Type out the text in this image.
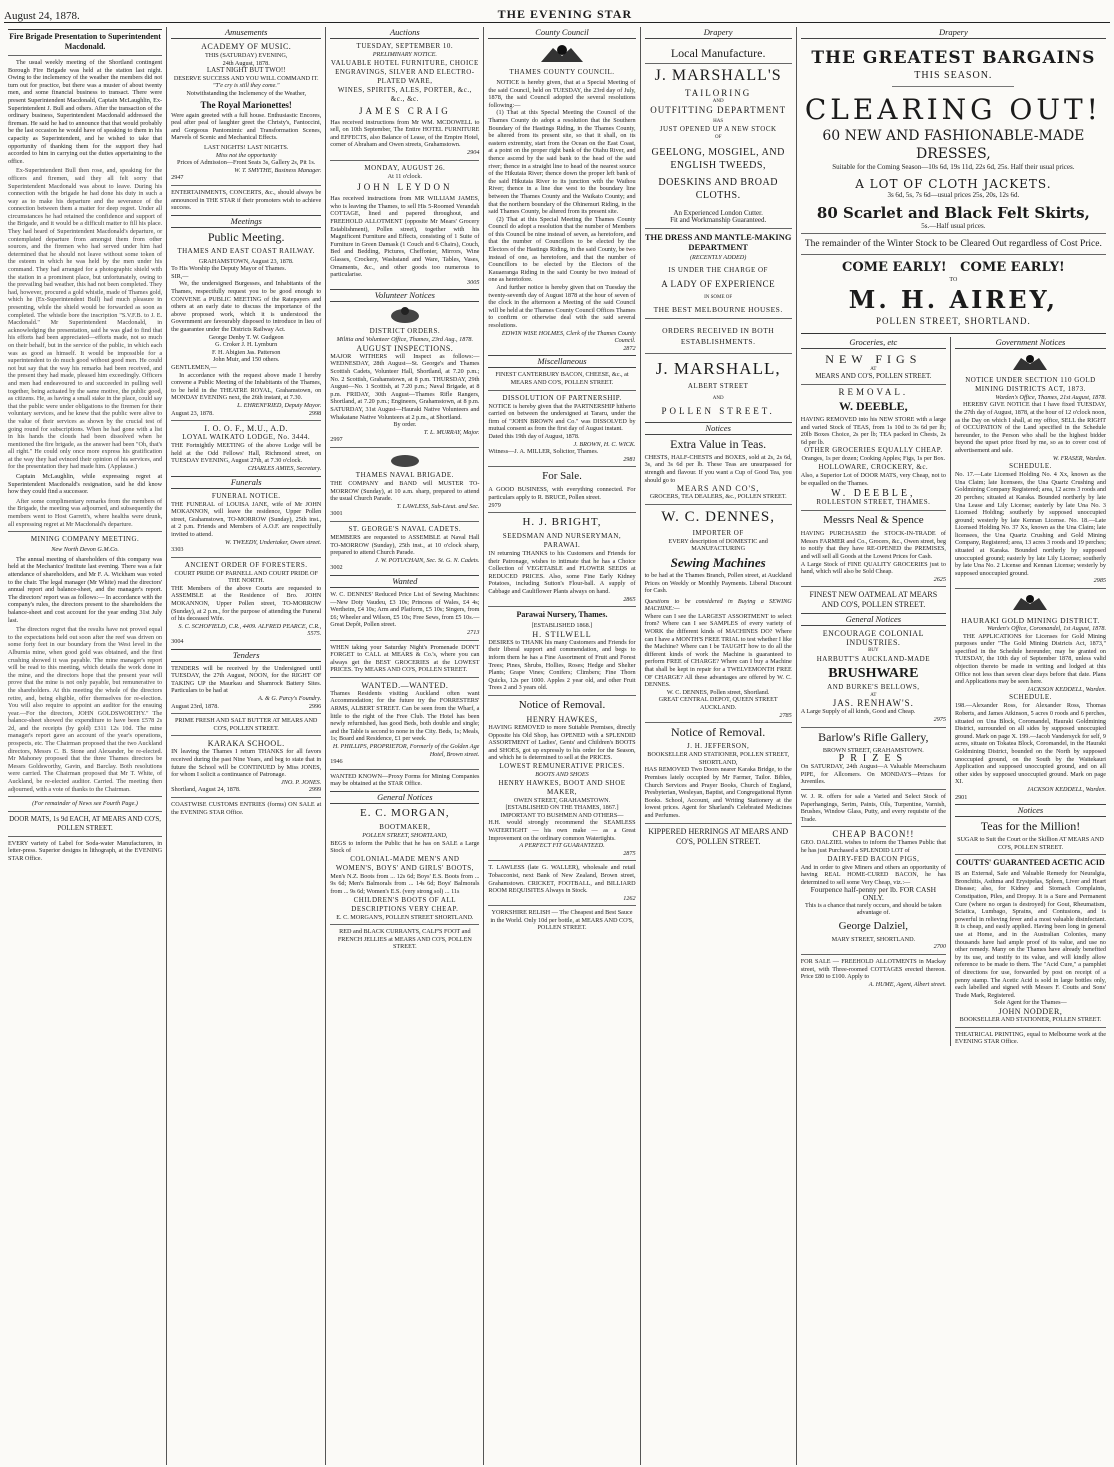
August 24, 1878.	THE EVENING STAR
Fire Brigade Presentation to Superintendent Macdonald.

The usual weekly meeting of the Shortland contingent Borough Fire Brigade was held at the station last night. Owing to the inclemency of the weather the members did not turn out for practice, but there was a muster of about twenty men, and some financial business to transact. There were present Superintendent Macdonald, Captain McLaughlin, Ex-Superintendent J. Bull and others. After the transaction of the ordinary business, Superintendent Macdonald addressed the fireman. He said he had to announce that that would probably be the last occasion he would have of speaking to them in his capacity as Superintendent, and he wished to take that opportunity of thanking them for the support they had accorded to him in carrying out the duties appertaining to the office.

Ex-Superintendent Bull then rose, and, speaking for the officers and firemen, said they all felt sorry that Superintendent Macdonald was about to leave. During his connection with the brigade he had done his duty in such a way as to make his departure and the severance of the connection between them a matter for deep regret. Under all circumstances he had retained the confidence and support of the Brigade, and it would be a difficult matter to fill his place. They had heard of Superintendent Macdonald's departure, or contemplated departure from amongst them from other sources, and the firemen who had served under him had determined that he should not leave without some token of the esteem in which he was held by the men under his command. They had arranged for a photographic shield with the station in a prominent place, but unfortunately, owing to the prevailing bad weather, this had not been completed. They had, however, procured a gold whistle, made of Thames gold, which he (Ex-Superintendent Bull) had much pleasure in presenting, while the shield would be forwarded as soon as completed. The whistle bore the inscription "S.V.F.B. to J. E. Macdonald." Mr Superintendent Macdonald, in acknowledging the presentation, said he was glad to find that his efforts had been appreciated—efforts made, not so much on their behalf, but in the service of the public, in which each was as good as himself. It would be impossible for a superintendent to do much good without good men. He could not but say that the way his remarks had been received, and the present they had made, pleased him exceedingly. Officers and men had endeavoured to and succeeded in pulling well together, being actuated by the same motive, the public good, as citizens. He, as having a small stake in the place, could say that the public were under obligations to the firemen for their voluntary services, and he knew that the public were alive to the value of their services as shown by the crucial test of going round for subscriptions. When he had gone with a list in his hands the clouds had been dissolved when he mentioned the fire brigade, as the answer had been "Oh, that's all right." He could only once more express his gratification at the way they had evinced their opinion of his services, and for the presentation they had made him. (Applause.)

Captain McLaughlin, while expressing regret at Superintendent Macdonald's resignation, said he did know how they could find a successor.

After some complimentary remarks from the members of the Brigade, the meeting was adjourned, and subsequently the members went to Host Garrett's, where healths were drunk, all expressing regret at Mr Macdonald's departure.

MINING COMPANY MEETING.
New North Devon G.M.Co.

The annual meeting of shareholders of this company was held at the Mechanics' Institute last evening. There was a fair attendance of shareholders, and Mr F. A. Wickham was voted to the chair. The legal manager (Mr White) read the directors' annual report and balance-sheet, and the manager's report. The directors' report was as follows:— In accordance with the company's rules, the directors present to the shareholders the balance-sheet and cost account for the year ending 31st July last.

The directors regret that the results have not proved equal to the expectations held out soon after the reef was driven on some forty feet in our boundary from the West level in the Alburnia mine, when good gold was obtained, and the first crushing showed it was payable. The mine manager's report will be read to this meeting, which details the work done in the mine, and the directors hope that the present year will prove that the mine is not only payable, but remunerative to the shareholders. At this meeting the whole of the directors retire, and, being eligible, offer themselves for re-election. You will also require to appoint an auditor for the ensuing year.—For the directors, JOHN GOLDSWORTHY." The balance-sheet showed the expenditure to have been £578 2s 2d, and the receipts (by gold) £311 12s 10d. The mine manager's report gave an account of the year's operations, prospects, etc. The Chairman proposed that the two Auckland directors, Messrs C. B. Stone and Alexander, be re-elected. Mr Mahoney proposed that the three Thames directors be Messrs Goldsworthy, Gavin, and Barclay. Both resolutions were carried. The Chairman proposed that Mr T. White, of Auckland, be re-elected auditor. Carried. The meeting then adjourned, with a vote of thanks to the Chairman.

(For remainder of News see Fourth Page.)
DOOR MATS, 1s 9d EACH, AT MEARS AND CO'S, POLLEN STREET.
EVERY variety of Label for Soda-water Manufacturers, in letter-press. Superior designs in lithograph, at the EVENING STAR Office.
Amusements
ACADEMY OF MUSIC.
THIS (SATURDAY) EVENING,
24th August, 1878.
LAST NIGHT BUT TWO!!
DESERVE SUCCESS AND YOU WILL COMMAND IT.
"T'e cry is still they come."
Notwithstanding the Inclemency of the Weather,
The Royal Marionettes!
Were again greeted with a full house. Enthusiastic Encores, peal after peal of laughter greet the Christy's, Fantoccini, and Gorgeous Pantomimic and Transformation Scenes, Marvels of Scenic and Mechanical Effects.
LAST NIGHTS! LAST NIGHTS.
Miss not the opportunity
Prices of Admission—Front Seats 3s, Gallery 2s, Pit 1s.
W. T. SMYTHE, Business Manager.
2947
ENTERTAINMENTS, CONCERTS, &c., should always be announced in THE STAR if their promoters wish to achieve success.
Meetings
Public Meeting.
THAMES AND EAST COAST RAILWAY.
GRAHAMSTOWN, August 23, 1878.
To His Worship the Deputy Mayor of Thames.
SIR,—
We, the undersigned Burgesses, and Inhabitants of the Thames, respectfully request you to be good enough to CONVENE a PUBLIC MEETING of the Ratepayers and others at an early date to discuss the importance of the above proposed work, which it is understood the Government are favourably disposed to introduce in lieu of the guarantee under the Districts Railway Act.
George Denby T. W. Gudgeon
G. Croker J. H. Lymburn
F. H. Abigien Jas. Patterson
John Muir, and 150 others.
GENTLEMEN,—
In accordance with the request above made I hereby convene a Public Meeting of the Inhabitants of the Thames, to be held in the THEATRE ROYAL, Grahamstown, on MONDAY EVENING next, the 26th instant, at 7.30.
L. EHRENFRIED, Deputy Mayor.
August 23, 1878.	2998
I. O. O. F., M.U., A.D.
LOYAL WAIKATO LODGE, No. 3444.
THE Fortnightly MEETING of the above Lodge will be held at the Odd Fellows' Hall, Richmond street, on TUESDAY EVENING, August 27th, at 7.30 o'clock.
CHARLES AMIES, Secretary.
Funerals
FUNERAL NOTICE.
THE FUNERAL of LOUISA JANE, wife of Mr JOHN MOKANNON, will leave the residence, Upper Pollen street, Grahamstown, TO-MORROW (Sunday), 25th inst., at 2 p.m. Friends and Members of A.O.F. are respectfully invited to attend.
W. TWEEDY, Undertaker, Owen street.
3303
ANCIENT ORDER OF FORESTERS.
COURT PRIDE OF PARNELL AND COURT PRIDE OF THE NORTH.
THE Members of the above Courts are requested to ASSEMBLE at the Residence of Bro. JOHN MOKANNON, Upper Pollen street, TO-MORROW (Sunday), at 2 p.m., for the purpose of attending the Funeral of his deceased Wife.
S. C. SCHOFIELD, C.R., 4409. ALFRED PEARCE, C.R., 5575.
3004
Tenders
TENDERS will be received by the Undersigned until TUESDAY, the 27th August, NOON, for the RIGHT OF TAKING UP the Maurkau and Shamrock Battery Sites. Particulars to be had at
A. & G. Parcy's Foundry.
August 23rd, 1878.	2996
PRIME FRESH AND SALT BUTTER AT MEARS AND CO'S, POLLEN STREET.
KARAKA SCHOOL.
IN leaving the Thames I return THANKS for all favors received during the past Nine Years, and beg to state that in future the School will be CONTINUED by Miss JONES, for whom I solicit a continuance of Patronage.
JNO. P. JONES.
Shortland, August 24, 1878.	2999
COASTWISE CUSTOMS ENTRIES (forms) ON SALE at the EVENING STAR Office.
Auctions
TUESDAY, SEPTEMBER 10.
PRELIMINARY NOTICE.
VALUABLE HOTEL FURNITURE, CHOICE ENGRAVINGS, SILVER AND ELECTRO-PLATED WARE,
WINES, SPIRITS, ALES, PORTER, &c., &c., &c.
JAMES CRAIG
Has received instructions from Mr WM. MCDOWELL to sell, on 10th September, The Entire HOTEL FURNITURE and EFFECTS, also Balance of Lease, of the Empire Hotel, corner of Abraham and Owen streets, Grahamstown.
2904
MONDAY, AUGUST 26.
At 11 o'clock.
JOHN LEYDON
Has received instructions from MR WILLIAM JAMES, who is leaving the Thames, to sell His 5-Roomed Verandah COTTAGE, lined and papered throughout, and FREEHOLD ALLOTMENT (opposite Mr Mears' Grocery Establishment), Pollen street), together with his Magnificent Furniture and Effects, consisting of 1 Suite of Furniture in Green Damask (1 Couch and 6 Chairs), Couch, Bed and Bedding, Pictures, Cheffonier, Mirrors, Wine Glasses, Crockery, Washstand and Ware, Tables, Vases, Ornaments, &c., and other goods too numerous to particularise.
3005
Volunteer Notices
DISTRICT ORDERS.
Militia and Volunteer Office, Thames, 23rd Aug., 1878.
AUGUST INSPECTIONS.
MAJOR WITHERS will Inspect as follows:— WEDNESDAY, 28th August—St. George's and Thames Scottish Cadets, Volunteer Hall, Shortland, at 7.20 p.m.; No. 2 Scottish, Grahamstown, at 8 p.m. THURSDAY, 29th August—No. 1 Scottish, at 7.20 p.m.; Naval Brigade, at 8 p.m. FRIDAY, 30th August—Thames Rifle Rangers, Shortland, at 7.20 p.m.; Engineers, Grahamstown, at 8 p.m. SATURDAY, 31st August—Hauraki Native Volunteers and Whakatane Native Volunteers at 2 p.m., at Shortland.
By order.
T. L. MURRAY, Major.
2997
THAMES NAVAL BRIGADE.
THE COMPANY and BAND will MUSTER TO-MORROW (Sunday), at 10 a.m. sharp, prepared to attend the usual Church Parade.
T. LAWLESS, Sub-Lieut. and Sec.
3001
ST. GEORGE'S NAVAL CADETS.
MEMBERS are requested to ASSEMBLE at Naval Hall TO-MORROW (Sunday), 25th inst., at 10 o'clock sharp, prepared to attend Church Parade.
J. W. POTUCHAIN, Sec. St. G. N. Cadets.
3002
Wanted
W. C. DENNES' Reduced Price List of Sewing Machines:—New Doty Vaudeu, £3 10s; Princess of Wales, £4 4s; Wertheim, £4 10s; Arm and Platform, £5 10s; Singers, from £6; Wheeler and Wilson, £5 10s; Free Sews, from £5 10s.—Great Depôt, Pollen street.
2713
WHEN taking your Saturday Night's Promenade DON'T FORGET to CALL at MEARS & Co.'s, where you can always get the BEST GROCERIES at the LOWEST PRICES. Try MEARS AND CO'S, POLLEN STREET.
WANTED.—WANTED.
Thames Residents visiting Auckland often want Accommodation; for the future try the FORRESTERS' ARMS, ALBERT STREET. Can be seen from the Wharf, a little to the right of the Free Club. The Hotel has been newly refurnished, has good Beds, both double and single; and the Table is second to none in the City. Beds, 1s; Meals, 1s; Board and Residence, £1 per week.
H. PHILLIPS, PROPRIETOR, Formerly of the Golden Age Hotel, Brown street.
1946
WANTED KNOWN—Proxy Forms for Mining Companies may be obtained at the STAR Office.
General Notices
E. C. MORGAN,
BOOTMAKER,
POLLEN STREET, SHORTLAND,
BEGS to inform the Public that he has on SALE a Large Stock of
COLONIAL-MADE MEN'S AND WOMEN'S, BOYS' AND GIRLS' BOOTS,
Men's N.Z. Boots from ... 12s 6d; Boys' E.S. Boots from ... 9s 6d; Men's Balmorals from ... 14s 6d; Boys' Balmorals from ... 9s 6d; Women's E.S. (very strong sol) ... 11s
CHILDREN'S BOOTS OF ALL DESCRIPTIONS VERY CHEAP.
E. C. MORGAN'S, POLLEN STREET SHORTLAND.
RED and BLACK CURRANTS, CALF'S FOOT and FRENCH JELLIES at MEARS AND CO'S, POLLEN STREET.
County Council
THAMES COUNTY COUNCIL.
NOTICE is hereby given, that at a Special Meeting of the said Council, held on TUESDAY, the 23rd day of July, 1878, the said Council adopted the several resolutions following:—
(1) That at this Special Meeting the Council of the Thames County do adopt a resolution that the Southern Boundary of the Hastings Riding, in the Thames County, be altered from its present site, so that it shall, on its eastern extremity, start from the Ocean on the East Coast, at a point on the proper right bank of the Otahu River, and thence ascend by the said bank to the head of the said river; thence in a straight line to head of the nearest source of the Hikutaia River; thence down the proper left bank of the said Hikutaia River to its junction with the Waihou River; thence in a line due west to the boundary line between the Thames County and the Waikato County; and that the northern boundary of the Ohinemuri Riding, in the said Thames County, be altered from its present site.
(2) That at this Special Meeting the Thames County Council do adopt a resolution that the number of Members of this Council be nine instead of seven, as heretofore, and that the number of Councillors to be elected by the Electors of the Hastings Riding, in the said County, be two instead of one, as heretofore, and that the number of Councillors to be elected by the Electors of the Kauaeranga Riding in the said County be two instead of one as heretofore.
And further notice is hereby given that on Tuesday the twenty-seventh day of August 1878 at the hour of seven of the clock in the afternoon a Meeting of the said Council will be held at the Thames County Council Offices Thames to confirm or otherwise deal with the said several resolutions.
EDWIN WISE HOLMES, Clerk of the Thames County Council.
2872
Miscellaneous
FINEST CANTERBURY BACON, CHEESE, &c., at MEARS AND CO'S, POLLEN STREET.
DISSOLUTION OF PARTNERSHIP.
NOTICE is hereby given that the PARTNERSHIP hitherto carried on between the undersigned at Tararu, under the firm of "JOHN BROWN and Co." was DISSOLVED by mutual consent as from the first day of August instant.
Dated this 19th day of August, 1878.
J. BROWN, H. C. WICK.
Witness—J. A. MILLER, Solicitor, Thames.
2981
For Sale.
A GOOD BUSINESS, with everything connected. For particulars apply to R. BRUCE, Pollen street.
2979
H. J. BRIGHT,
SEEDSMAN AND NURSERYMAN, PARAWAI.
IN returning THANKS to his Customers and Friends for their Patronage, wishes to intimate that he has a Choice Collection of VEGETABLE and FLOWER SEEDS at REDUCED PRICES. Also, some Fine Early Kidney Potatoes, including Sutton's Flour-ball. A supply of Cabbage and Cauliflower Plants always on hand.
2865
Parawai Nursery, Thames.
[ESTABLISHED 1868.]
H. STILWELL
DESIRES to THANK his many Customers and Friends for their liberal support and commendation, and begs to inform them he has a Fine Assortment of Fruit and Forest Trees; Pines, Shrubs, Hollies, Roses; Hedge and Shelter Plants; Grape Vines; Conifers; Climbers; Fine Thorn Quicks, 12s per 1000. Apples 2 year old, and other Fruit Trees 2 and 3 years old.
Notice of Removal.
HENRY HAWKES,
HAVING REMOVED to more Suitable Premises, directly Opposite his Old Shop, has OPENED with a SPLENDID ASSORTMENT of Ladies', Gents' and Children's BOOTS and SHOES, got up expressly to his order for the Season, and which he is determined to sell at the PRICES.
LOWEST REMUNERATIVE PRICES.
BOOTS AND SHOES
HENRY HAWKES, BOOT AND SHOE MAKER,
OWEN STREET, GRAHAMSTOWN.
[ESTABLISHED ON THE THAMES, 1867.]
IMPORTANT TO BUSHMEN AND OTHERS—
H.H. would strongly recommend the SEAMLESS WATERTIGHT — his own make — as a Great Improvement on the ordinary common Watertights.
A PERFECT FIT GUARANTEED.
2875
T. LAWLESS (late G. WALLER), wholesale and retail Tobacconist, next Bank of New Zealand, Brown street, Grahamstown. CRICKET, FOOTBALL, and BILLIARD ROOM REQUISITES Always in Stock.
1262
YORKSHIRE RELISH — The Cheapest and Best Sauce in the World. Only 10d per bottle, at MEARS AND CO'S, POLLEN STREET.
Drapery
Local Manufacture.
J. MARSHALL'S
TAILORING
AND
OUTFITTING DEPARTMENT
HAS
JUST OPENED UP A NEW STOCK
OF
GEELONG, MOSGIEL, AND ENGLISH TWEEDS,
DOESKINS AND BROAD CLOTHS.
An Experienced London Cutter.
Fit and Workmanship Guaranteed.
THE DRESS AND MANTLE-MAKING DEPARTMENT
(RECENTLY ADDED)
IS UNDER THE CHARGE OF
A LADY OF EXPERIENCE
IN SOME OF
THE BEST MELBOURNE HOUSES.
ORDERS RECEIVED IN BOTH ESTABLISHMENTS.
J. MARSHALL,
ALBERT STREET
AND
POLLEN STREET.
Notices
Extra Value in Teas.
CHESTS, HALF-CHESTS and BOXES, sold at 2s, 2s 6d, 3s, and 3s 6d per lb. These Teas are unsurpassed for strength and flavour. If you want a Cup of Good Tea, you should go to
MEARS AND CO'S,
GROCERS, TEA DEALERS, &c., POLLEN STREET.
W. C. DENNES,
IMPORTER OF
EVERY description of DOMESTIC and MANUFACTURING
Sewing Machines
to be had at the Thames Branch, Pollen street, at Auckland Prices on Weekly or Monthly Payments. Liberal Discount for Cash.
Questions to be considered in Buying a SEWING MACHINE:—
Where can I see the LARGEST ASSORTMENT to select from? Where can I see SAMPLES of every variety of WORK the different kinds of MACHINES DO? Where can I have a MONTH'S FREE TRIAL to test whether I like the Machine? Where can I be TAUGHT how to do all the different kinds of work the Machine is guaranteed to perform FREE of CHARGE? Where can I buy a Machine that shall be kept in repair for a TWELVEMONTH FREE OF CHARGE? All these advantages are offered by W. C. DENNES.
W. C. DENNES, Pollen street, Shortland.
GREAT CENTRAL DEPOT, QUEEN STREET AUCKLAND.
2785
Notice of Removal.
J. H. JEFFERSON,
BOOKSELLER AND STATIONER, POLLEN STREET, SHORTLAND,
HAS REMOVED Two Doors nearer Karaka Bridge, to the Premises lately occupied by Mr Farmer, Tailor. Bibles, Church Services and Prayer Books, Church of England, Presbyterian, Wesleyan, Baptist, and Congregational Hymn Books. School, Account, and Writing Stationery at the lowest prices. Agent for Sharland's Celebrated Medicines and Perfumes.
KIPPERED HERRINGS AT MEARS AND CO'S, POLLEN STREET.
Drapery
THE GREATEST BARGAINS
THIS SEASON.
CLEARING OUT!
60 NEW AND FASHIONABLE-MADE DRESSES,
Suitable for the Coming Season—10s 6d, 19s 11d, 22s 6d, 25s. Half their usual prices.
A LOT OF CLOTH JACKETS.
3s 6d, 5s, 7s 6d—usual prices 25s, 20s, 12s 6d.
80 Scarlet and Black Felt Skirts,
5s.—Half usual prices.
The remainder of the Winter Stock to be Cleared Out regardless of Cost Price.
COME EARLY!   COME EARLY!
TO
M. H. AIREY,
POLLEN STREET, SHORTLAND.
Groceries, etc
NEW FIGS
AT
MEARS AND CO'S, POLLEN STREET.
REMOVAL.
W. DEEBLE,
HAVING REMOVED into his NEW STORE with a large and varied Stock of TEAS, from 1s 10d to 3s 6d per lb; 20lb Boxes Choice, 2s per lb; TEA packed in Chests, 2s 6d per lb.
OTHER GROCERIES EQUALLY CHEAP.
Oranges, 1s per dozen; Cooking Apples; Figs, 1s per Box.
HOLLOWARE, CROCKERY, &c.
Also, a Superior Lot of DOOR MATS, very Cheap, not to be equalled on the Thames.
W. DEEBLE,
ROLLESTON STREET, THAMES.
Messrs Neal & Spence
HAVING PURCHASED the STOCK-IN-TRADE of Messrs FARMER and Co., Grocers, &c., Owen street, beg to notify that they have RE-OPENED the PREMISES, and will sell all Goods at the Lowest Prices for Cash.
A Large Stock of FINE QUALITY GROCERIES just to hand, which will also be Sold Cheap.
2625
FINEST NEW OATMEAL AT MEARS AND CO'S, POLLEN STREET.
General Notices
ENCOURAGE COLONIAL INDUSTRIES.
BUY
HARBUTT'S AUCKLAND-MADE
BRUSHWARE
AND BURKE'S BELLOWS,
AT
JAS. RENHAW'S.
A Large Supply of all kinds, Good and Cheap.
2975
Barlow's Rifle Gallery,
BROWN STREET, GRAHAMSTOWN.
PRIZES
On SATURDAY, 24th August—A Valuable Meerschaum PIPE, for Allcomers. On MONDAYS—Prizes for Juveniles.
W. J. R. offers for sale a Varied and Select Stock of Paperhangings, Serim, Paints, Oils, Turpentine, Varnish, Brushes, Window Glass, Putty, and every requisite of the Trade.
CHEAP BACON!!
GEO. DALZIEL wishes to inform the Thames Public that he has just Purchased a SPLENDID LOT of
DAIRY-FED BACON PIGS,
And in order to give Miners and others an opportunity of having REAL HOME-CURED BACON, he has determined to sell some Very Cheap, viz.:—
Fourpence half-penny per lb. FOR CASH ONLY.
This is a chance that rarely occurs, and should be taken advantage of.
George Dalziel,
MARY STREET, SHORTLAND.
2700
FOR SALE — FREEHOLD ALLOTMENTS in Mackay street, with Three-roomed COTTAGES erected thereon. Price £80 to £100. Apply to
A. HUME, Agent, Albert street.
Government Notices
NOTICE UNDER SECTION 110 GOLD MINING DISTRICTS ACT, 1873.
Warden's Office, Thames, 21st August, 1878.
HEREBY GIVE NOTICE that I have fixed TUESDAY, the 27th day of August, 1878, at the hour of 12 o'clock noon, as the Day on which I shall, at my office, SELL the RIGHT of OCCUPATION of the Land specified in the Schedule hereunder, to the Person who shall be the highest bidder beyond the upset price fixed by me, so as to cover cost of advertisement and sale.
W. FRASER, Warden.
SCHEDULE.
No. 17.—Late Licensed Holding No. 4 Xx, known as the Una Claim; late licensees, the Una Quartz Crushing and Goldmining Company Registered; area, 12 acres 3 roods and 20 perches; situated at Karaka. Bounded northerly by late Una Lease and Lily License; easterly by late Una No. 3 Licensed Holding; southerly by supposed unoccupied ground; westerly by late Kennan License. No. 18.—Late Licensed Holding No. 37 Xx, known as the Una Claim; late licensees, the Una Quartz Crushing and Gold Mining Company, Registered; area, 13 acres 3 roods and 19 perches; situated at Karaka. Bounded northerly by supposed unoccupied ground; easterly by late Lily License; southerly by late Una No. 2 License and Kennan License; westerly by supposed unoccupied ground.
2985
HAURAKI GOLD MINING DISTRICT.
Warden's Office, Coromandel, 1st August, 1878.
THE APPLICATIONS for Licenses for Gold Mining purposes under "The Gold Mining Districts Act, 1873," specified in the Schedule hereunder, may be granted on TUESDAY, the 10th day of September 1878, unless valid objection thereto be made in writing and lodged at this Office not less than seven clear days before that date. Plans and Applications may be seen here.
JACKSON KEDDELL, Warden.
SCHEDULE.
198.—Alexander Ross, for Alexander Ross, Thomas Roberts, and James Atkinson, 5 acres 0 roods and 6 perches, situated on Una Block, Coromandel, Hauraki Goldmining District, surrounded on all sides by supposed unoccupied ground. Mark on page X. 199.—Jacob Vandersyck for self, 9 acres, situate on Tokatea Block, Coromandel, in the Hauraki Goldmining District, bounded on the North by supposed unoccupied ground, on the South by the Waitekauri Application and supposed unoccupied ground, and on all other sides by supposed unoccupied ground. Mark on page XI.
JACKSON KEDDELL, Warden.
2901
Notices
Teas for the Million!
SUGAR to Suit the Court or the Skillion AT MEARS AND CO'S, POLLEN STREET.
COUTTS' GUARANTEED ACETIC ACID
IS an External, Safe and Valuable Remedy for Neuralgia, Bronchitis, Asthma and Erysipelas, Spleen, Liver and Heart Disease; also, for Kidney and Stomach Complaints, Constipation, Piles, and Dropsy. It is a Sure and Permanent Cure (where no organ is destroyed) for Gout, Rheumatism, Sciatica, Lumbago, Sprains, and Contusions, and is powerful in relieving fever and a most valuable disinfectant. It is cheap, and easily applied. Having been long in general use at Home, and in the Australian Colonies, many thousands have had ample proof of its value, and use no other remedy. Many on the Thames have already benefited by its use, and testify to its value, and will kindly allow reference to be made to them. The "Acid Cure," a pamphlet of directions for use, forwarded by post on receipt of a penny stamp. The Acetic Acid is sold in large bottles only, each labelled and signed with Messrs F. Coutts and Sons' Trade Mark, Registered.
Sole Agent for the Thames—
JOHN NODDER,
BOOKSELLER AND STATIONER, POLLEN STREET.
THEATRICAL PRINTING, equal to Melbourne work at the EVENING STAR Office.
